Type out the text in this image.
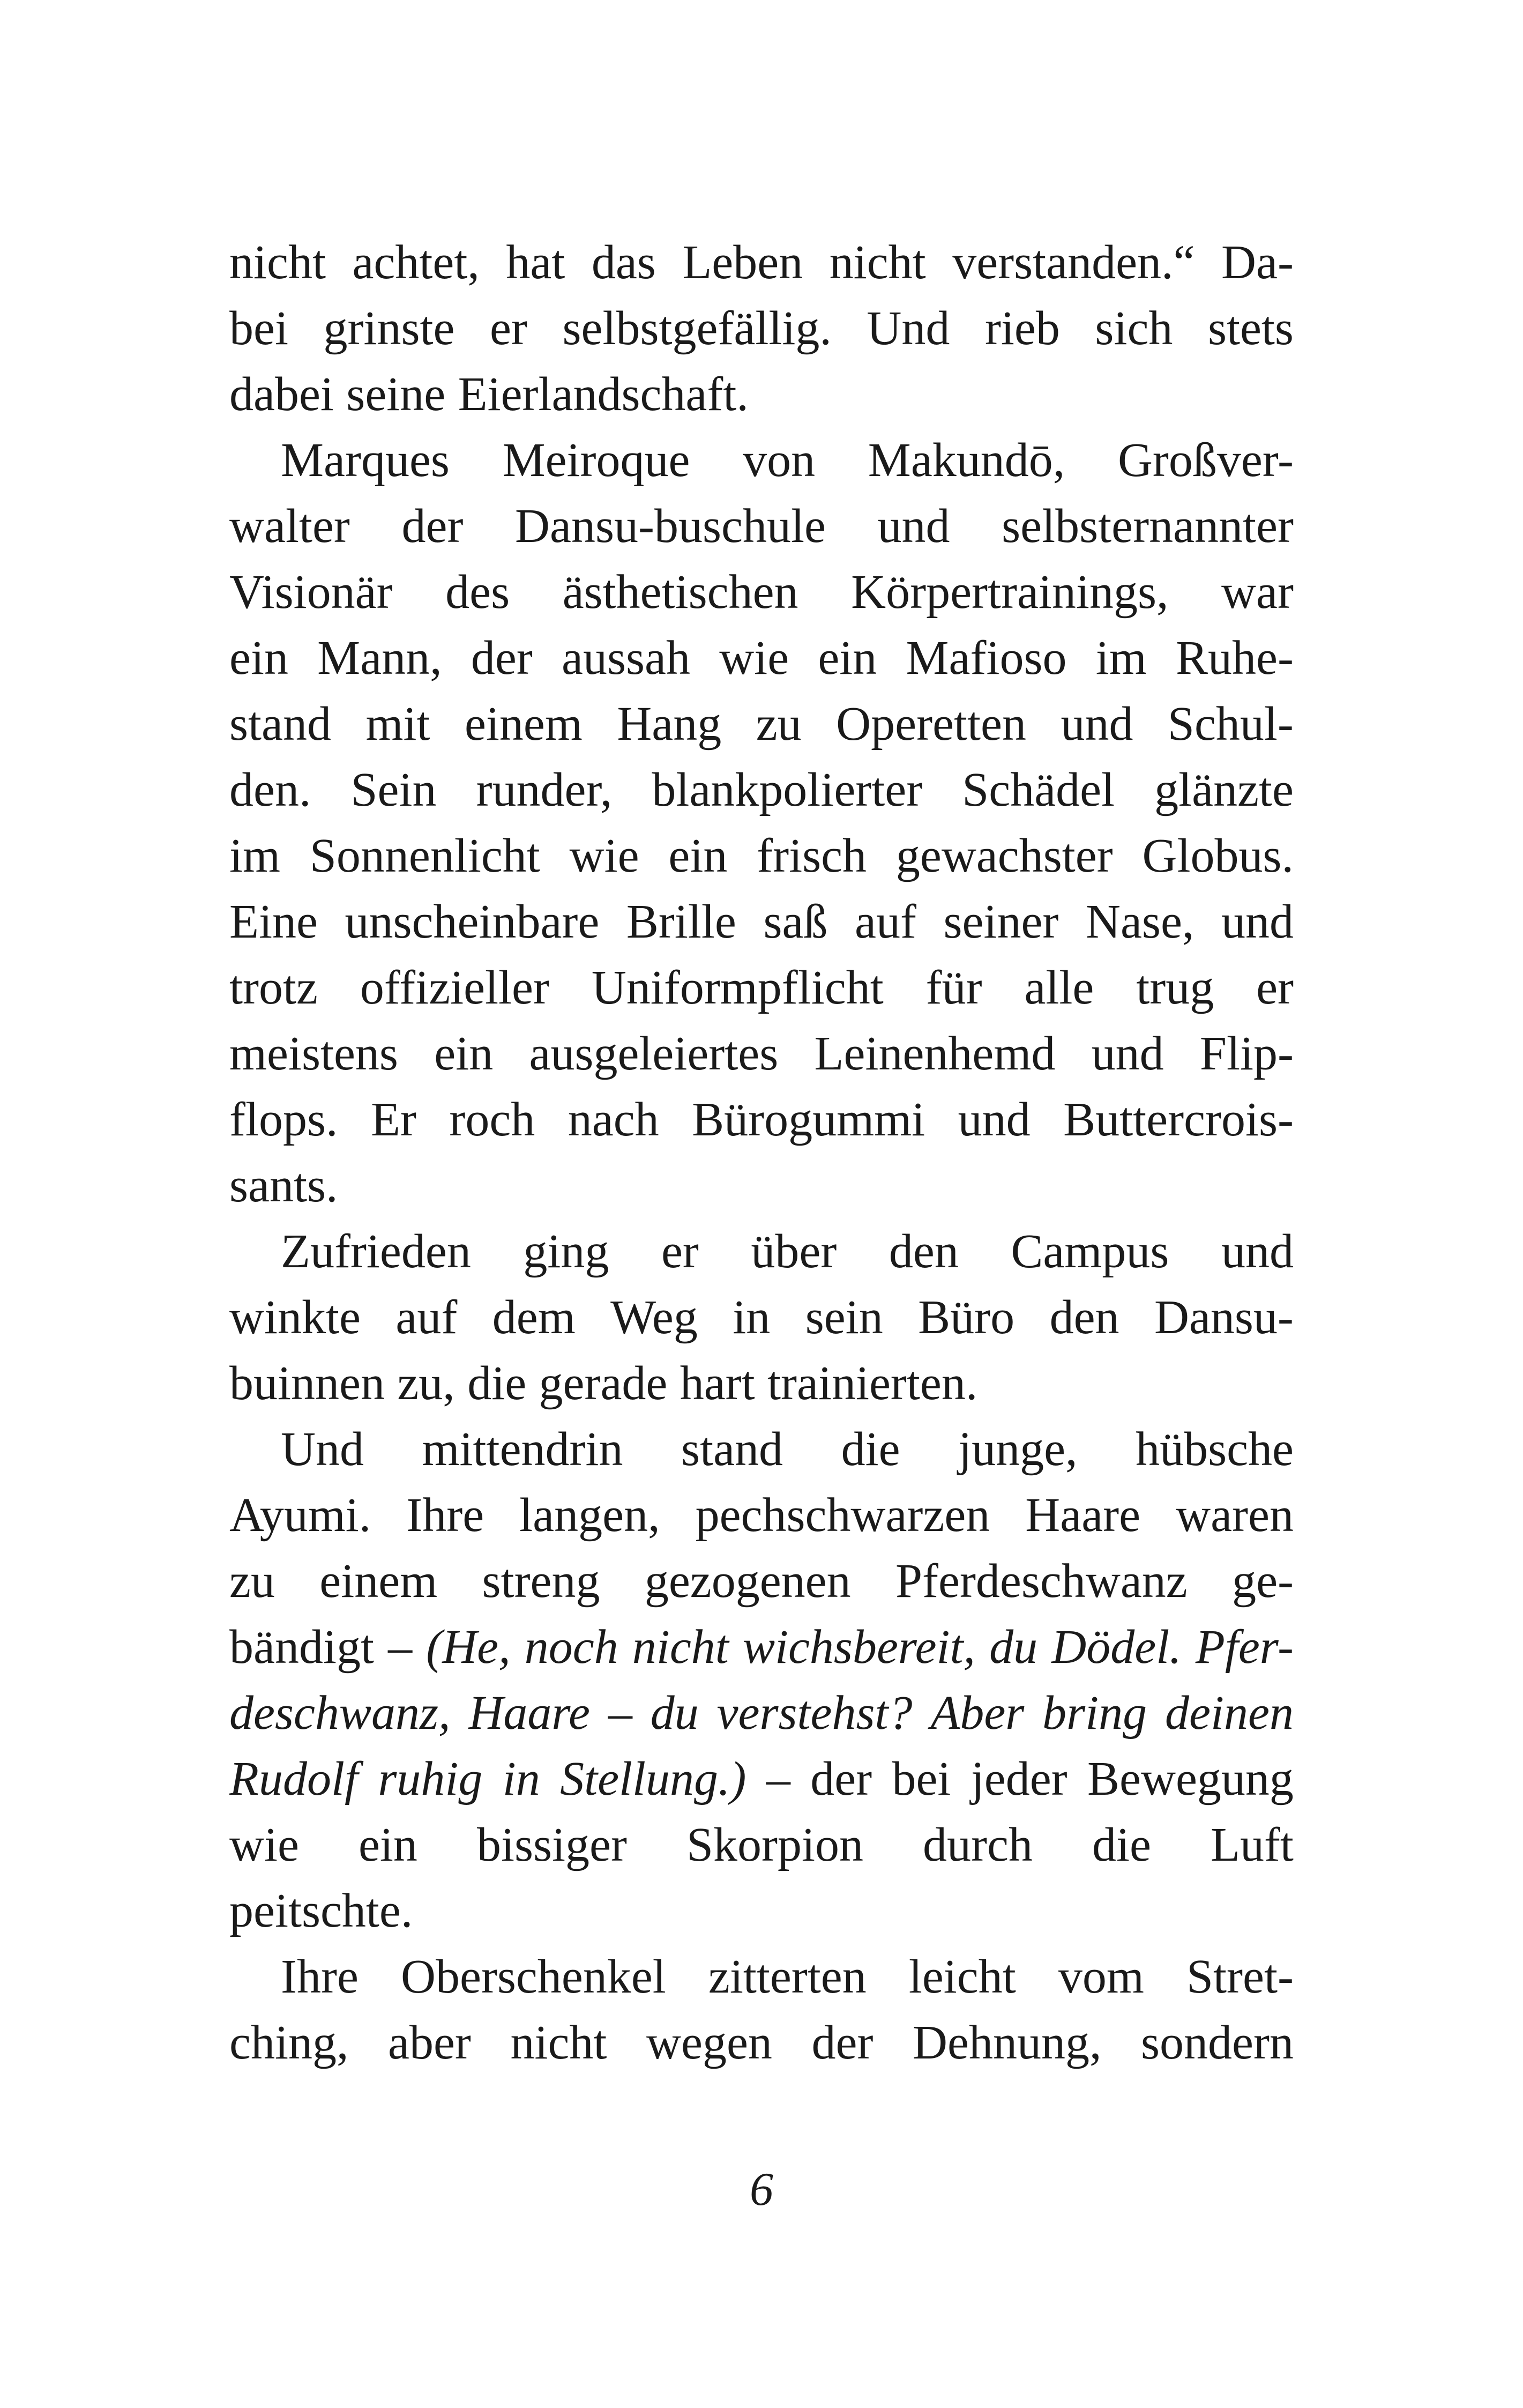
nicht achtet, hat das Leben nicht verstanden.“ Da-
bei grinste er selbstgefällig. Und rieb sich stets
dabei seine Eierlandschaft.
Marques Meiroque von Makundō, Großver-
walter der Dansu-buschule und selbsternannter
Visionär des ästhetischen Körpertrainings, war
ein Mann, der aussah wie ein Mafioso im Ruhe-
stand mit einem Hang zu Operetten und Schul-
den. Sein runder, blankpolierter Schädel glänzte
im Sonnenlicht wie ein frisch gewachster Globus.
Eine unscheinbare Brille saß auf seiner Nase, und
trotz offizieller Uniformpflicht für alle trug er
meistens ein ausgeleiertes Leinenhemd und Flip-
flops. Er roch nach Bürogummi und Buttercrois-
sants.
Zufrieden ging er über den Campus und
winkte auf dem Weg in sein Büro den Dansu-
buinnen zu, die gerade hart trainierten.
Und mittendrin stand die junge, hübsche
Ayumi. Ihre langen, pechschwarzen Haare waren
zu einem streng gezogenen Pferdeschwanz ge-
bändigt – (He, noch nicht wichsbereit, du Dödel. Pfer-
deschwanz, Haare – du verstehst? Aber bring deinen
Rudolf ruhig in Stellung.) – der bei jeder Bewegung
wie ein bissiger Skorpion durch die Luft
peitschte.
Ihre Oberschenkel zitterten leicht vom Stret-
ching, aber nicht wegen der Dehnung, sondern
6
